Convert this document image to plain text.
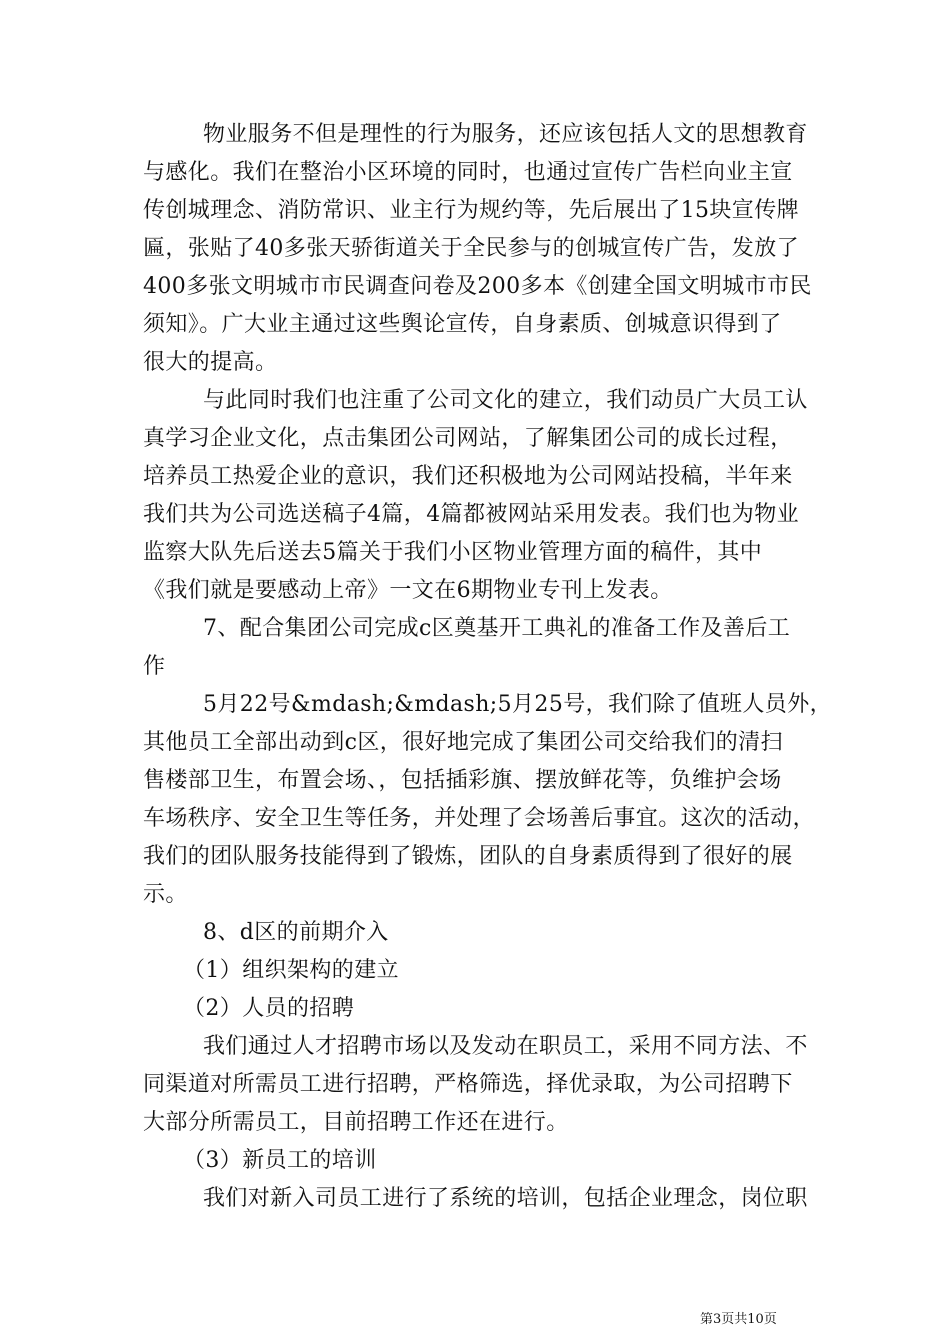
物业服务不但是理性的行为服务，还应该包括人文的思想教育
与感化。我们在整治小区环境的同时，也通过宣传广告栏向业主宣
传创城理念、消防常识、业主行为规约等，先后展出了15块宣传牌
匾，张贴了40多张天骄街道关于全民参与的创城宣传广告，发放了
400多张文明城市市民调查问卷及200多本《创建全国文明城市市民
须知》。广大业主通过这些舆论宣传，自身素质、创城意识得到了
很大的提高。
与此同时我们也注重了公司文化的建立，我们动员广大员工认
真学习企业文化，点击集团公司网站，了解集团公司的成长过程，
培养员工热爱企业的意识，我们还积极地为公司网站投稿，半年来
我们共为公司选送稿子4篇，4篇都被网站采用发表。我们也为物业
监察大队先后送去5篇关于我们小区物业管理方面的稿件，其中
《我们就是要感动上帝》一文在6期物业专刊上发表。
7、配合集团公司完成c区奠基开工典礼的准备工作及善后工
作
5月22号&mdash;&mdash;5月25号，我们除了值班人员外，
其他员工全部出动到c区，很好地完成了集团公司交给我们的清扫
售楼部卫生，布置会场、，包括插彩旗、摆放鲜花等，负维护会场
车场秩序、安全卫生等任务，并处理了会场善后事宜。这次的活动，
我们的团队服务技能得到了锻炼，团队的自身素质得到了很好的展
示。
8、d区的前期介入
（1）组织架构的建立
（2）人员的招聘
我们通过人才招聘市场以及发动在职员工，采用不同方法、不
同渠道对所需员工进行招聘，严格筛选，择优录取，为公司招聘下
大部分所需员工，目前招聘工作还在进行。
（3）新员工的培训
我们对新入司员工进行了系统的培训，包括企业理念，岗位职
第3页共10页
